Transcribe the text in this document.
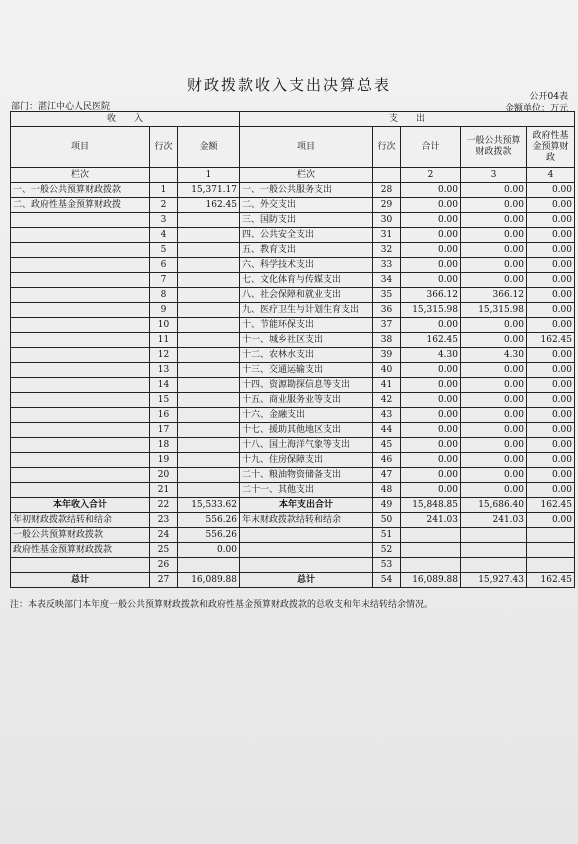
财政拨款收入支出决算总表
公开04表
部门：湛江中心人民医院	金额单位：万元
收　　入			支　　出				
项目	行次	金额	项目	行次	合计	一般公共预算财政拨款	政府性基金预算财政
栏次		1	栏次		2	3	4
一、一般公共预算财政拨款	1	15,371.17	一、一般公共服务支出	28	0.00	0.00	0.00
二、政府性基金预算财政拨	2	162.45	二、外交支出	29	0.00	0.00	0.00
	3		三、国防支出	30	0.00	0.00	0.00
	4		四、公共安全支出	31	0.00	0.00	0.00
	5		五、教育支出	32	0.00	0.00	0.00
	6		六、科学技术支出	33	0.00	0.00	0.00
	7		七、文化体育与传媒支出	34	0.00	0.00	0.00
	8		八、社会保障和就业支出	35	366.12	366.12	0.00
	9		九、医疗卫生与计划生育支出	36	15,315.98	15,315.98	0.00
	10		十、节能环保支出	37	0.00	0.00	0.00
	11		十一、城乡社区支出	38	162.45	0.00	162.45
	12		十二、农林水支出	39	4.30	4.30	0.00
	13		十三、交通运输支出	40	0.00	0.00	0.00
	14		十四、资源勘探信息等支出	41	0.00	0.00	0.00
	15		十五、商业服务业等支出	42	0.00	0.00	0.00
	16		十六、金融支出	43	0.00	0.00	0.00
	17		十七、援助其他地区支出	44	0.00	0.00	0.00
	18		十八、国土海洋气象等支出	45	0.00	0.00	0.00
	19		十九、住房保障支出	46	0.00	0.00	0.00
	20		二十、粮油物资储备支出	47	0.00	0.00	0.00
	21		二十一、其他支出	48	0.00	0.00	0.00
本年收入合计	22	15,533.62	本年支出合计	49	15,848.85	15,686.40	162.45
年初财政拨款结转和结余	23	556.26	年末财政拨款结转和结余	50	241.03	241.03	0.00
一般公共预算财政拨款	24	556.26		51			
政府性基金预算财政拨款	25	0.00		52			
	26			53			
总计	27	16,089.88	总计	54	16,089.88	15,927.43	162.45
注：本表反映部门本年度一般公共预算财政拨款和政府性基金预算财政拨款的总收支和年末结转结余情况。
